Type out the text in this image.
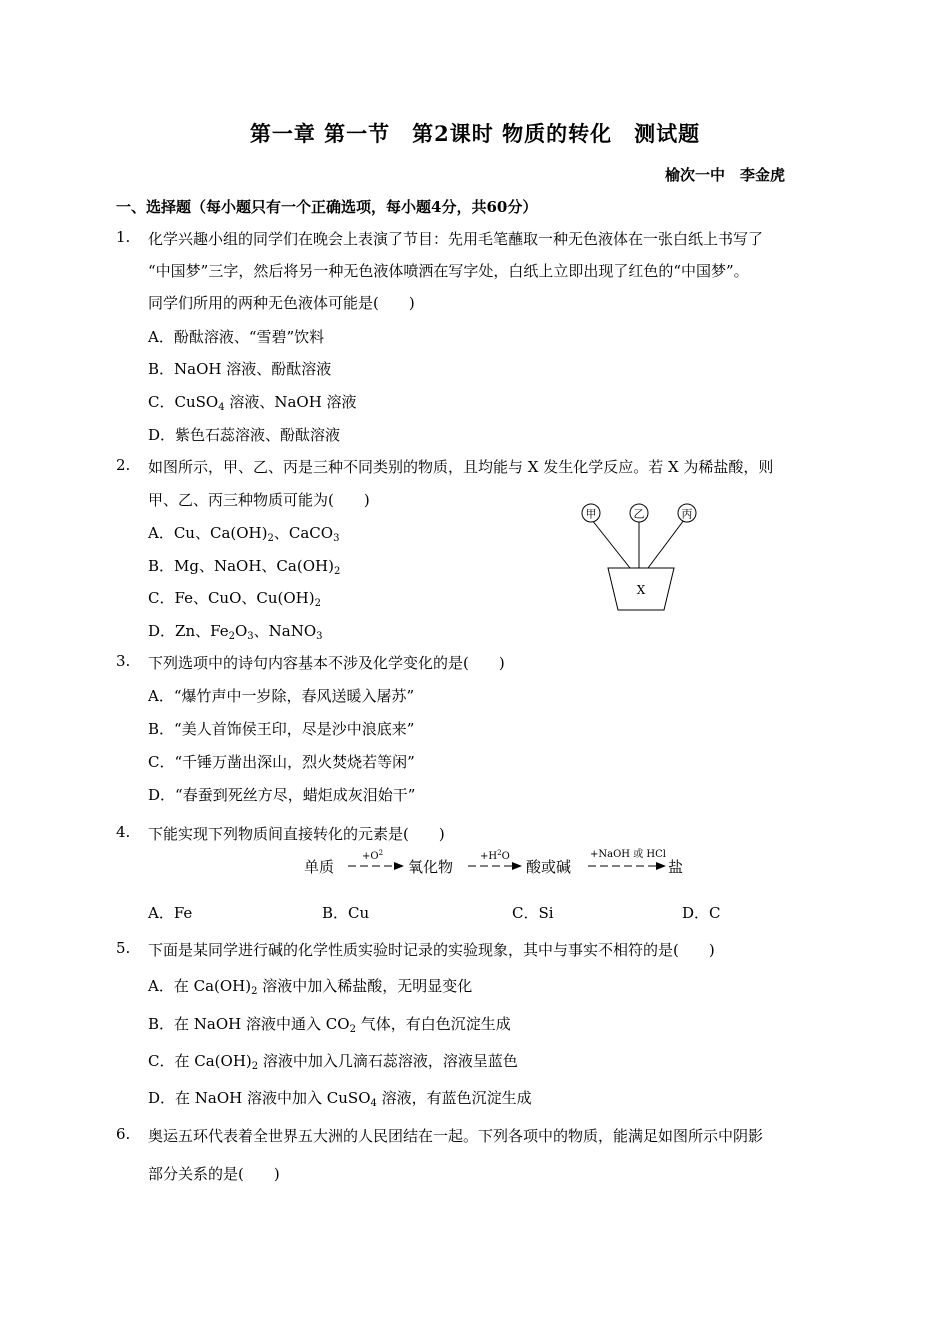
第一章 第一节　第2课时 物质的转化　测试题
榆次一中　李金虎
一、选择题（每小题只有一个正确选项，每小题4分，共60分）
1. 化学兴趣小组的同学们在晚会上表演了节目：先用毛笔蘸取一种无色液体在一张白纸上书写了
“中国梦”三字，然后将另一种无色液体喷洒在写字处，白纸上立即出现了红色的“中国梦”。
同学们所用的两种无色液体可能是(　　)
A．酚酞溶液、“雪碧”饮料
B．NaOH 溶液、酚酞溶液
C．CuSO$_4$ 溶液、NaOH 溶液
D．紫色石蕊溶液、酚酞溶液
2. 如图所示，甲、乙、丙是三种不同类别的物质，且均能与 X 发生化学反应。若 X 为稀盐酸，则
甲、乙、丙三种物质可能为(　　)
A．Cu、$Ca(OH)_2$、CaCO$_3$
B．Mg、NaOH、$Ca(OH)_2$
C．Fe、CuO、$Cu(OH)_2$
D．Zn、$Fe_2O_3$、NaNO$_3$
甲	乙	丙
X
3. 下列选项中的诗句内容基本不涉及化学变化的是(　　)
A．“爆竹声中一岁除，春风送暖入屠苏”
B．“美人首饰侯王印，尽是沙中浪底来”
C．“千锤万凿出深山，烈火焚烧若等闲”
D．“春蚕到死丝方尽，蜡炬成灰泪始干”
4. 下能实现下列物质间直接转化的元素是(　　)
单质
$+O^2$
氧化物
$+H^2O$
酸或碱
+NaOH 或 HCl
盐
A．Fe	B．Cu	C．Si	D．C
5. 下面是某同学进行碱的化学性质实验时记录的实验现象，其中与事实不相符的是(　　)
A．在 $Ca(OH)_2$ 溶液中加入稀盐酸，无明显变化
B．在 NaOH 溶液中通入 $CO_2$ 气体，有白色沉淀生成
C．在 $Ca(OH)_2$ 溶液中加入几滴石蕊溶液，溶液呈蓝色
D．在 NaOH 溶液中加入 CuSO$_4$ 溶液，有蓝色沉淀生成
6. 奥运五环代表着全世界五大洲的人民团结在一起。下列各项中的物质，能满足如图所示中阴影
部分关系的是(　　)
